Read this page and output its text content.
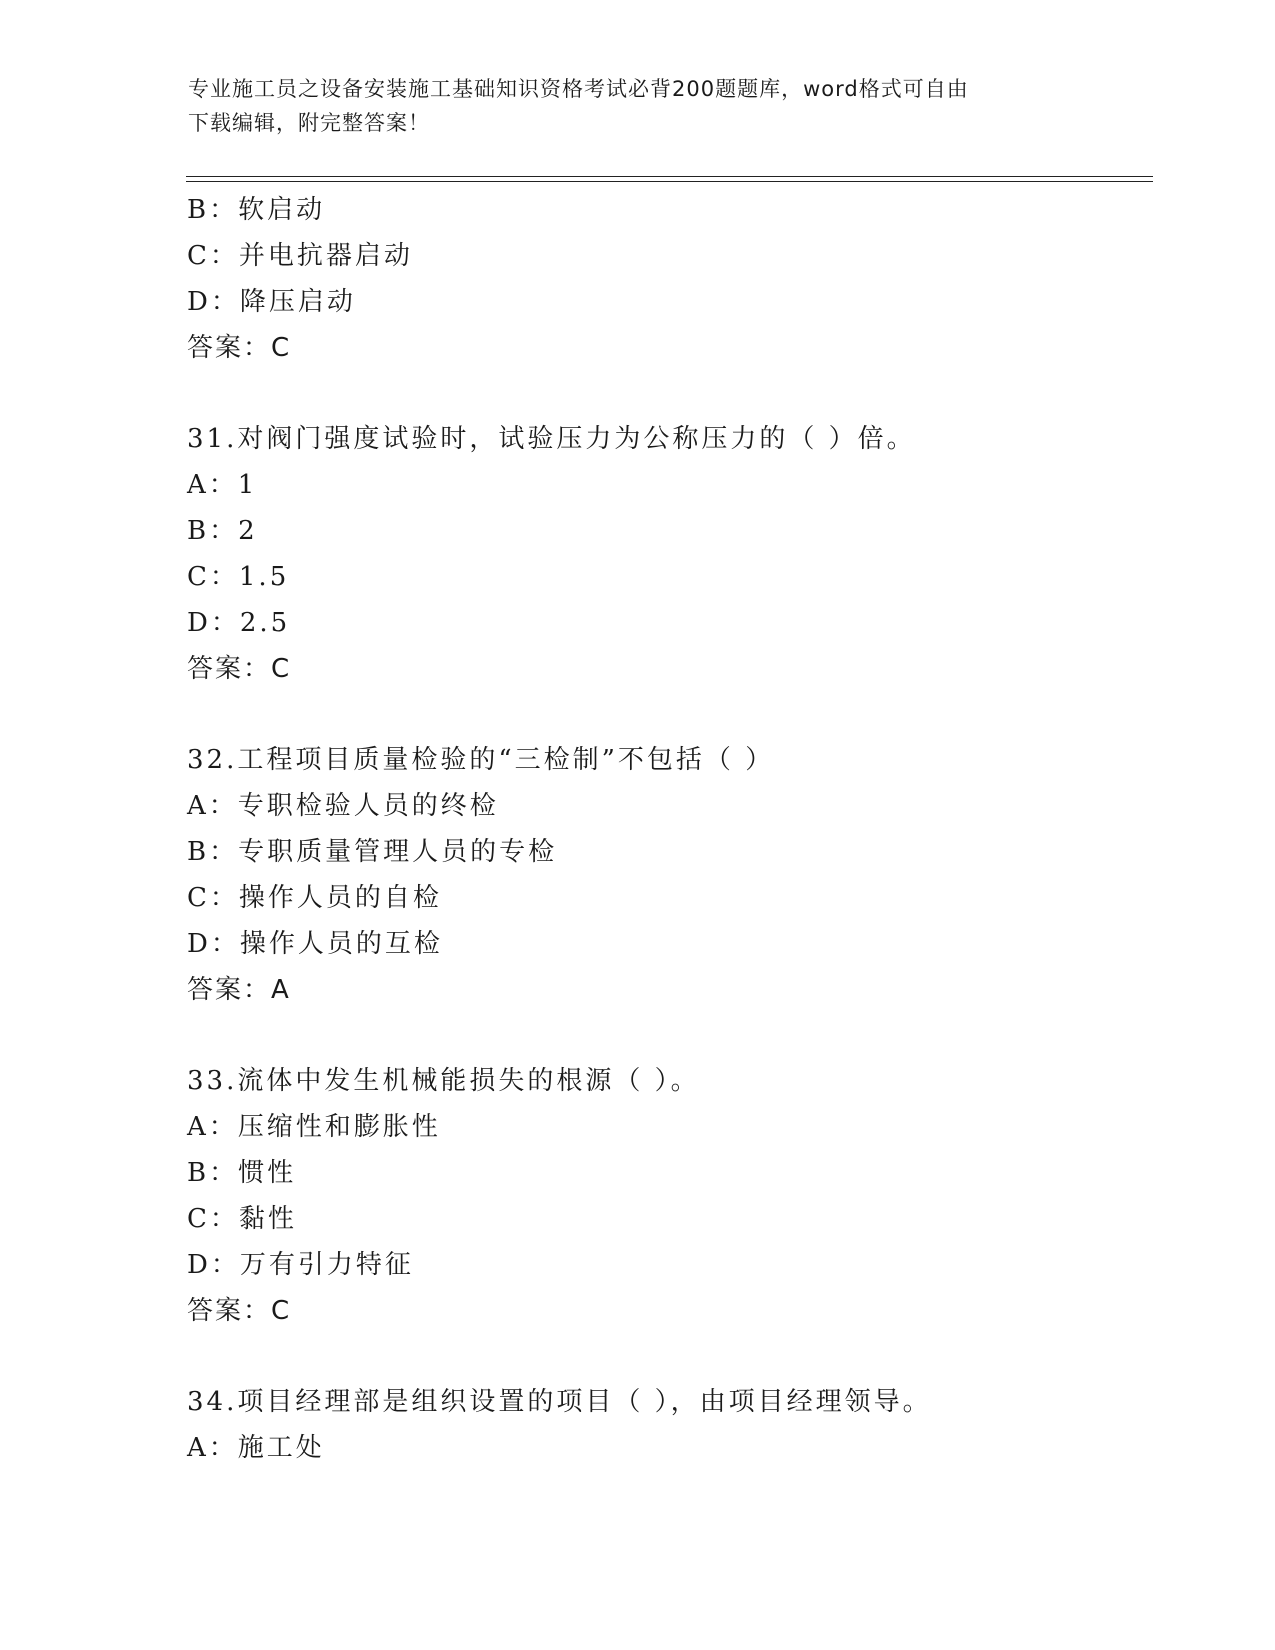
专业施工员之设备安装施工基础知识资格考试必背200题题库，word格式可自由
下载编辑，附完整答案！
B：软启动
C：并电抗器启动
D：降压启动
答案：C
31.对阀门强度试验时，试验压力为公称压力的（ ）倍。
A：1
B：2
C：1.5
D：2.5
答案：C
32.工程项目质量检验的“三检制”不包括（ ）
A：专职检验人员的终检
B：专职质量管理人员的专检
C：操作人员的自检
D：操作人员的互检
答案：A
33.流体中发生机械能损失的根源（ ）。
A：压缩性和膨胀性
B：惯性
C：黏性
D：万有引力特征
答案：C
34.项目经理部是组织设置的项目（ ），由项目经理领导。
A：施工处
